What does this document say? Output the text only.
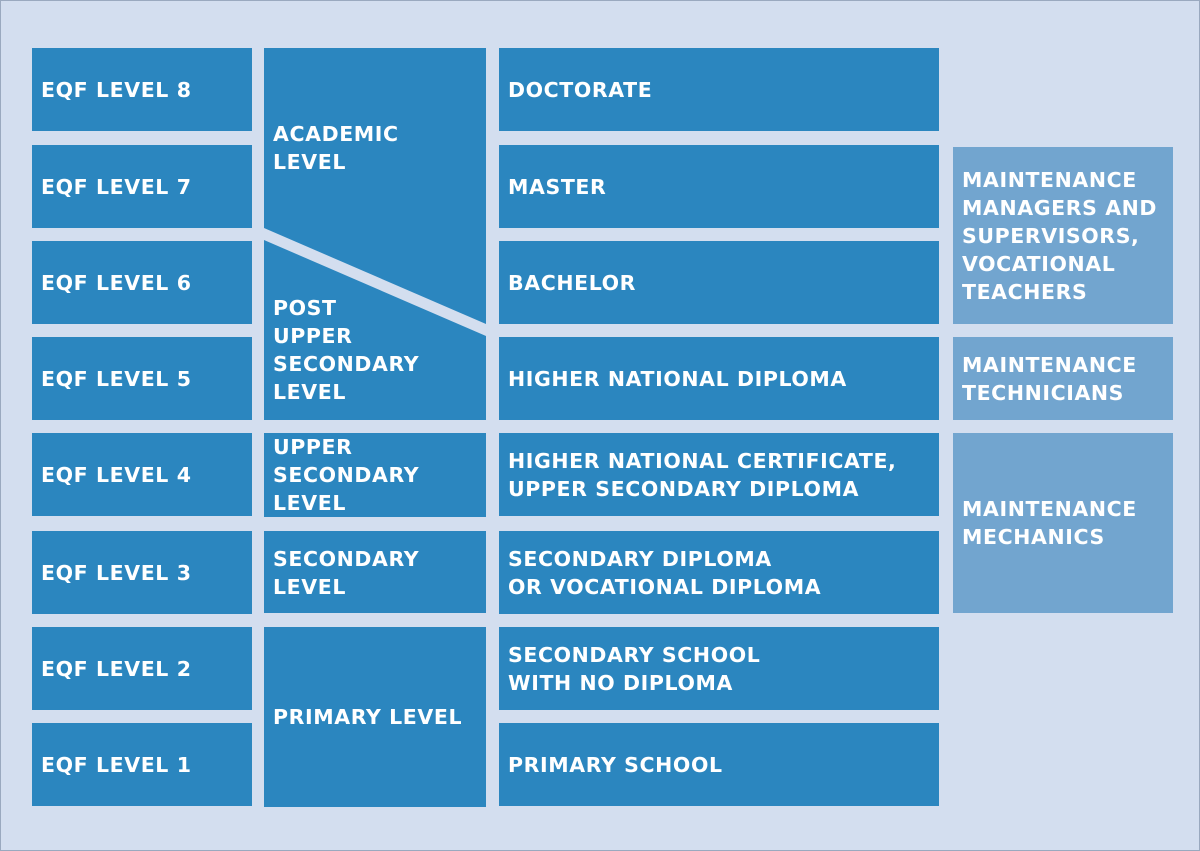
EQF LEVEL 8
EQF LEVEL 7
EQF LEVEL 6
EQF LEVEL 5
EQF LEVEL 4
EQF LEVEL 3
EQF LEVEL 2
EQF LEVEL 1
ACADEMIC
LEVEL
POST
UPPER
SECONDARY
LEVEL
UPPER
SECONDARY
LEVEL
SECONDARY
LEVEL
PRIMARY LEVEL
DOCTORATE
MASTER
BACHELOR
HIGHER NATIONAL DIPLOMA
HIGHER NATIONAL CERTIFICATE,
UPPER SECONDARY DIPLOMA
SECONDARY DIPLOMA
OR VOCATIONAL DIPLOMA
SECONDARY SCHOOL
WITH NO DIPLOMA
PRIMARY SCHOOL
MAINTENANCE
MANAGERS AND
SUPERVISORS,
VOCATIONAL
TEACHERS
MAINTENANCE
TECHNICIANS
MAINTENANCE
MECHANICS
